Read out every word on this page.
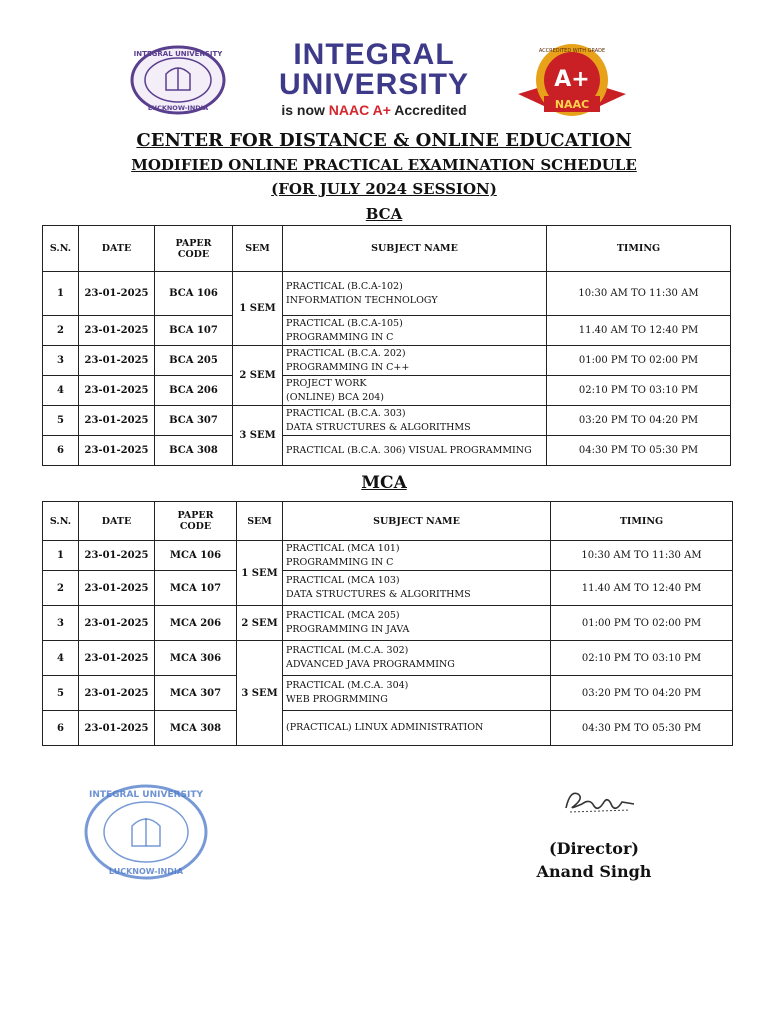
INTEGRAL UNIVERSITY
LUCKNOW-INDIA
INTEGRAL
UNIVERSITY
is now NAAC A+ Accredited
ACCREDITED WITH GRADE
A+
NAAC
CENTER FOR DISTANCE & ONLINE EDUCATION
MODIFIED ONLINE PRACTICAL EXAMINATION SCHEDULE
(FOR JULY 2024 SESSION)
BCA
S.N.	DATE	PAPER
CODE	SEM	SUBJECT NAME	TIMING
1	23-01-2025	BCA 106	1 SEM	PRACTICAL (B.C.A-102)
INFORMATION TECHNOLOGY	10:30 AM TO 11:30 AM
2	23-01-2025	BCA 107		PRACTICAL (B.C.A-105)
PROGRAMMING IN C	11.40 AM TO 12:40 PM
3	23-01-2025	BCA 205	2 SEM	PRACTICAL (B.C.A. 202)
PROGRAMMING IN C++	01:00 PM TO 02:00 PM
4	23-01-2025	BCA 206		PROJECT WORK
(ONLINE) BCA 204)	02:10 PM TO 03:10 PM
5	23-01-2025	BCA 307	3 SEM	PRACTICAL (B.C.A. 303)
DATA STRUCTURES & ALGORITHMS	03:20 PM TO 04:20 PM
6	23-01-2025	BCA 308		PRACTICAL (B.C.A. 306) VISUAL PROGRAMMING	04:30 PM TO 05:30 PM
MCA
S.N.	DATE	PAPER
CODE	SEM	SUBJECT NAME	TIMING
1	23-01-2025	MCA 106	1 SEM	PRACTICAL (MCA 101)
PROGRAMMING IN C	10:30 AM TO 11:30 AM
2	23-01-2025	MCA 107		PRACTICAL (MCA 103)
DATA STRUCTURES & ALGORITHMS	11.40 AM TO 12:40 PM
3	23-01-2025	MCA 206	2 SEM	PRACTICAL (MCA 205)
PROGRAMMING IN JAVA	01:00 PM TO 02:00 PM
4	23-01-2025	MCA 306	3 SEM	PRACTICAL (M.C.A. 302)
ADVANCED JAVA PROGRAMMING	02:10 PM TO 03:10 PM
5	23-01-2025	MCA 307		PRACTICAL (M.C.A. 304)
WEB PROGRMMING	03:20 PM TO 04:20 PM
6	23-01-2025	MCA 308		(PRACTICAL) LINUX ADMINISTRATION	04:30 PM TO 05:30 PM
INTEGRAL UNIVERSITY
LUCKNOW-INDIA
(Director)
Anand Singh
